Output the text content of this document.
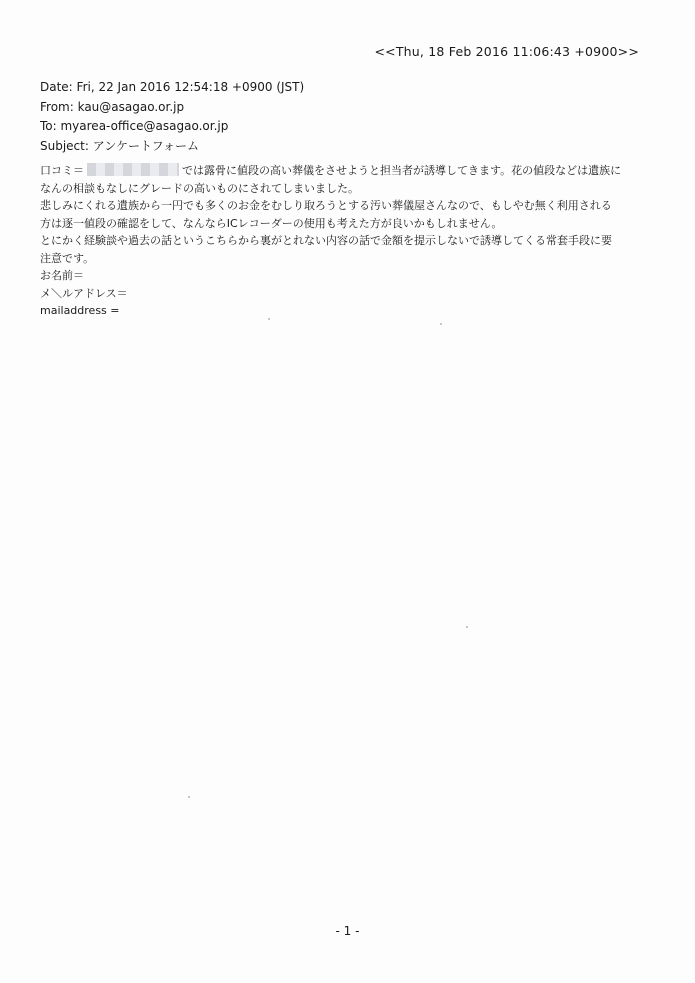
<<Thu, 18 Feb 2016 11:06:43 +0900>>
Date: Fri, 22 Jan 2016 12:54:18 +0900 (JST)
From: kau@asagao.or.jp
To: myarea-office@asagao.or.jp
Subject: アンケートフォーム
口コミ＝	では露骨に値段の高い葬儀をさせようと担当者が誘導してきます。花の値段などは遺族に
なんの相談もなしにグレードの高いものにされてしまいました。
悲しみにくれる遺族から一円でも多くのお金をむしり取ろうとする汚い葬儀屋さんなので、もしやむ無く利用される
方は逐一値段の確認をして、なんならICレコーダーの使用も考えた方が良いかもしれません。
とにかく経験談や過去の話というこちらから裏がとれない内容の話で金額を提示しないで誘導してくる常套手段に要
注意です。
お名前＝
メ＼ルアドレス＝
mailaddress =
- 1 -
